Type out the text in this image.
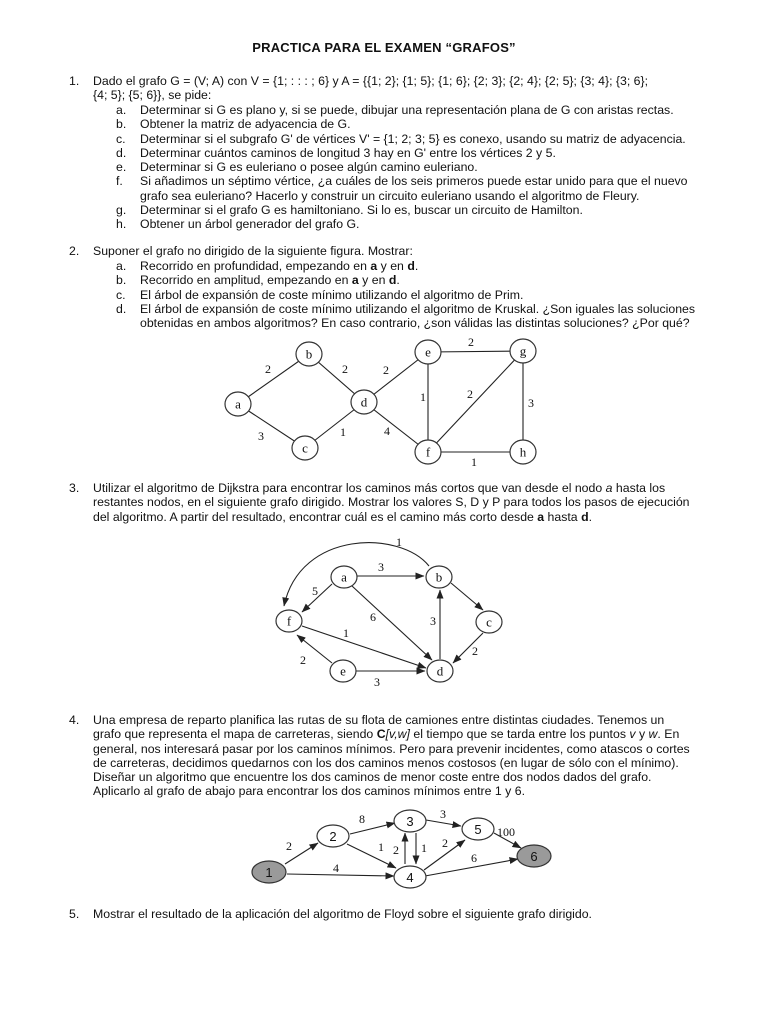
PRACTICA PARA EL EXAMEN “GRAFOS”
1. Dado el grafo G = (V; A) con V = {1; : : : ; 6} y A = {{1; 2}; {1; 5}; {1; 6}; {2; 3}; {2; 4}; {2; 5}; {3; 4}; {3; 6};
{4; 5}; {5; 6}}, se pide:
a.	Determinar si G es plano y, si se puede, dibujar una representación plana de G con aristas rectas.
b.	Obtener la matriz de adyacencia de G.
c.	Determinar si el subgrafo G' de vértices V' = {1; 2; 3; 5} es conexo, usando su matriz de adyacencia.
d.	Determinar cuántos caminos de longitud 3 hay en G' entre los vértices 2 y 5.
e.	Determinar si G es euleriano o posee algún camino euleriano.
f.	Si añadimos un séptimo vértice, ¿a cuáles de los seis primeros puede estar unido para que el nuevo
grafo sea euleriano? Hacerlo y construir un circuito euleriano usando el algoritmo de Fleury.
g.	Determinar si el grafo G es hamiltoniano. Si lo es, buscar un circuito de Hamilton.
h.	Obtener un árbol generador del grafo G.
2. Suponer el grafo no dirigido de la siguiente figura. Mostrar:
a.	Recorrido en profundidad, empezando en a y en d.
b.	Recorrido en amplitud, empezando en a y en d.
c.	El árbol de expansión de coste mínimo utilizando el algoritmo de Prim.
d.	El árbol de expansión de coste mínimo utilizando el algoritmo de Kruskal. ¿Son iguales las soluciones
obtenidas en ambos algoritmos? En caso contrario, ¿son válidas las distintas soluciones? ¿Por qué?
2
3
2
1
2
4
1
2
2
3
1
a
b
c
d
e
f
g
h
3. Utilizar el algoritmo de Dijkstra para encontrar los caminos más cortos que van desde el nodo a hasta los
restantes nodos, en el siguiente grafo dirigido. Mostrar los valores S, D y P para todos los pasos de ejecución
del algoritmo. A partir del resultado, encontrar cuál es el camino más corto desde a hasta d.
1
3
5
6	3
2
1
2
3
a	b
c
d
e
f
4. Una empresa de reparto planifica las rutas de su flota de camiones entre distintas ciudades. Tenemos un
grafo que representa el mapa de carreteras, siendo C[v,w] el tiempo que se tarda entre los puntos v y w. En
general, nos interesará pasar por los caminos mínimos. Pero para prevenir incidentes, como atascos o cortes
de carreteras, decidimos quedarnos con los dos caminos menos costosos (en lugar de sólo con el mínimo).
Diseñar un algoritmo que encuentre los dos caminos de menor coste entre dos nodos dados del grafo.
Aplicarlo al grafo de abajo para encontrar los dos caminos mínimos entre 1 y 6.
2
4
8
1 2 1
3
2
6
100
1
2
3
4
5
6
5. Mostrar el resultado de la aplicación del algoritmo de Floyd sobre el siguiente grafo dirigido.
